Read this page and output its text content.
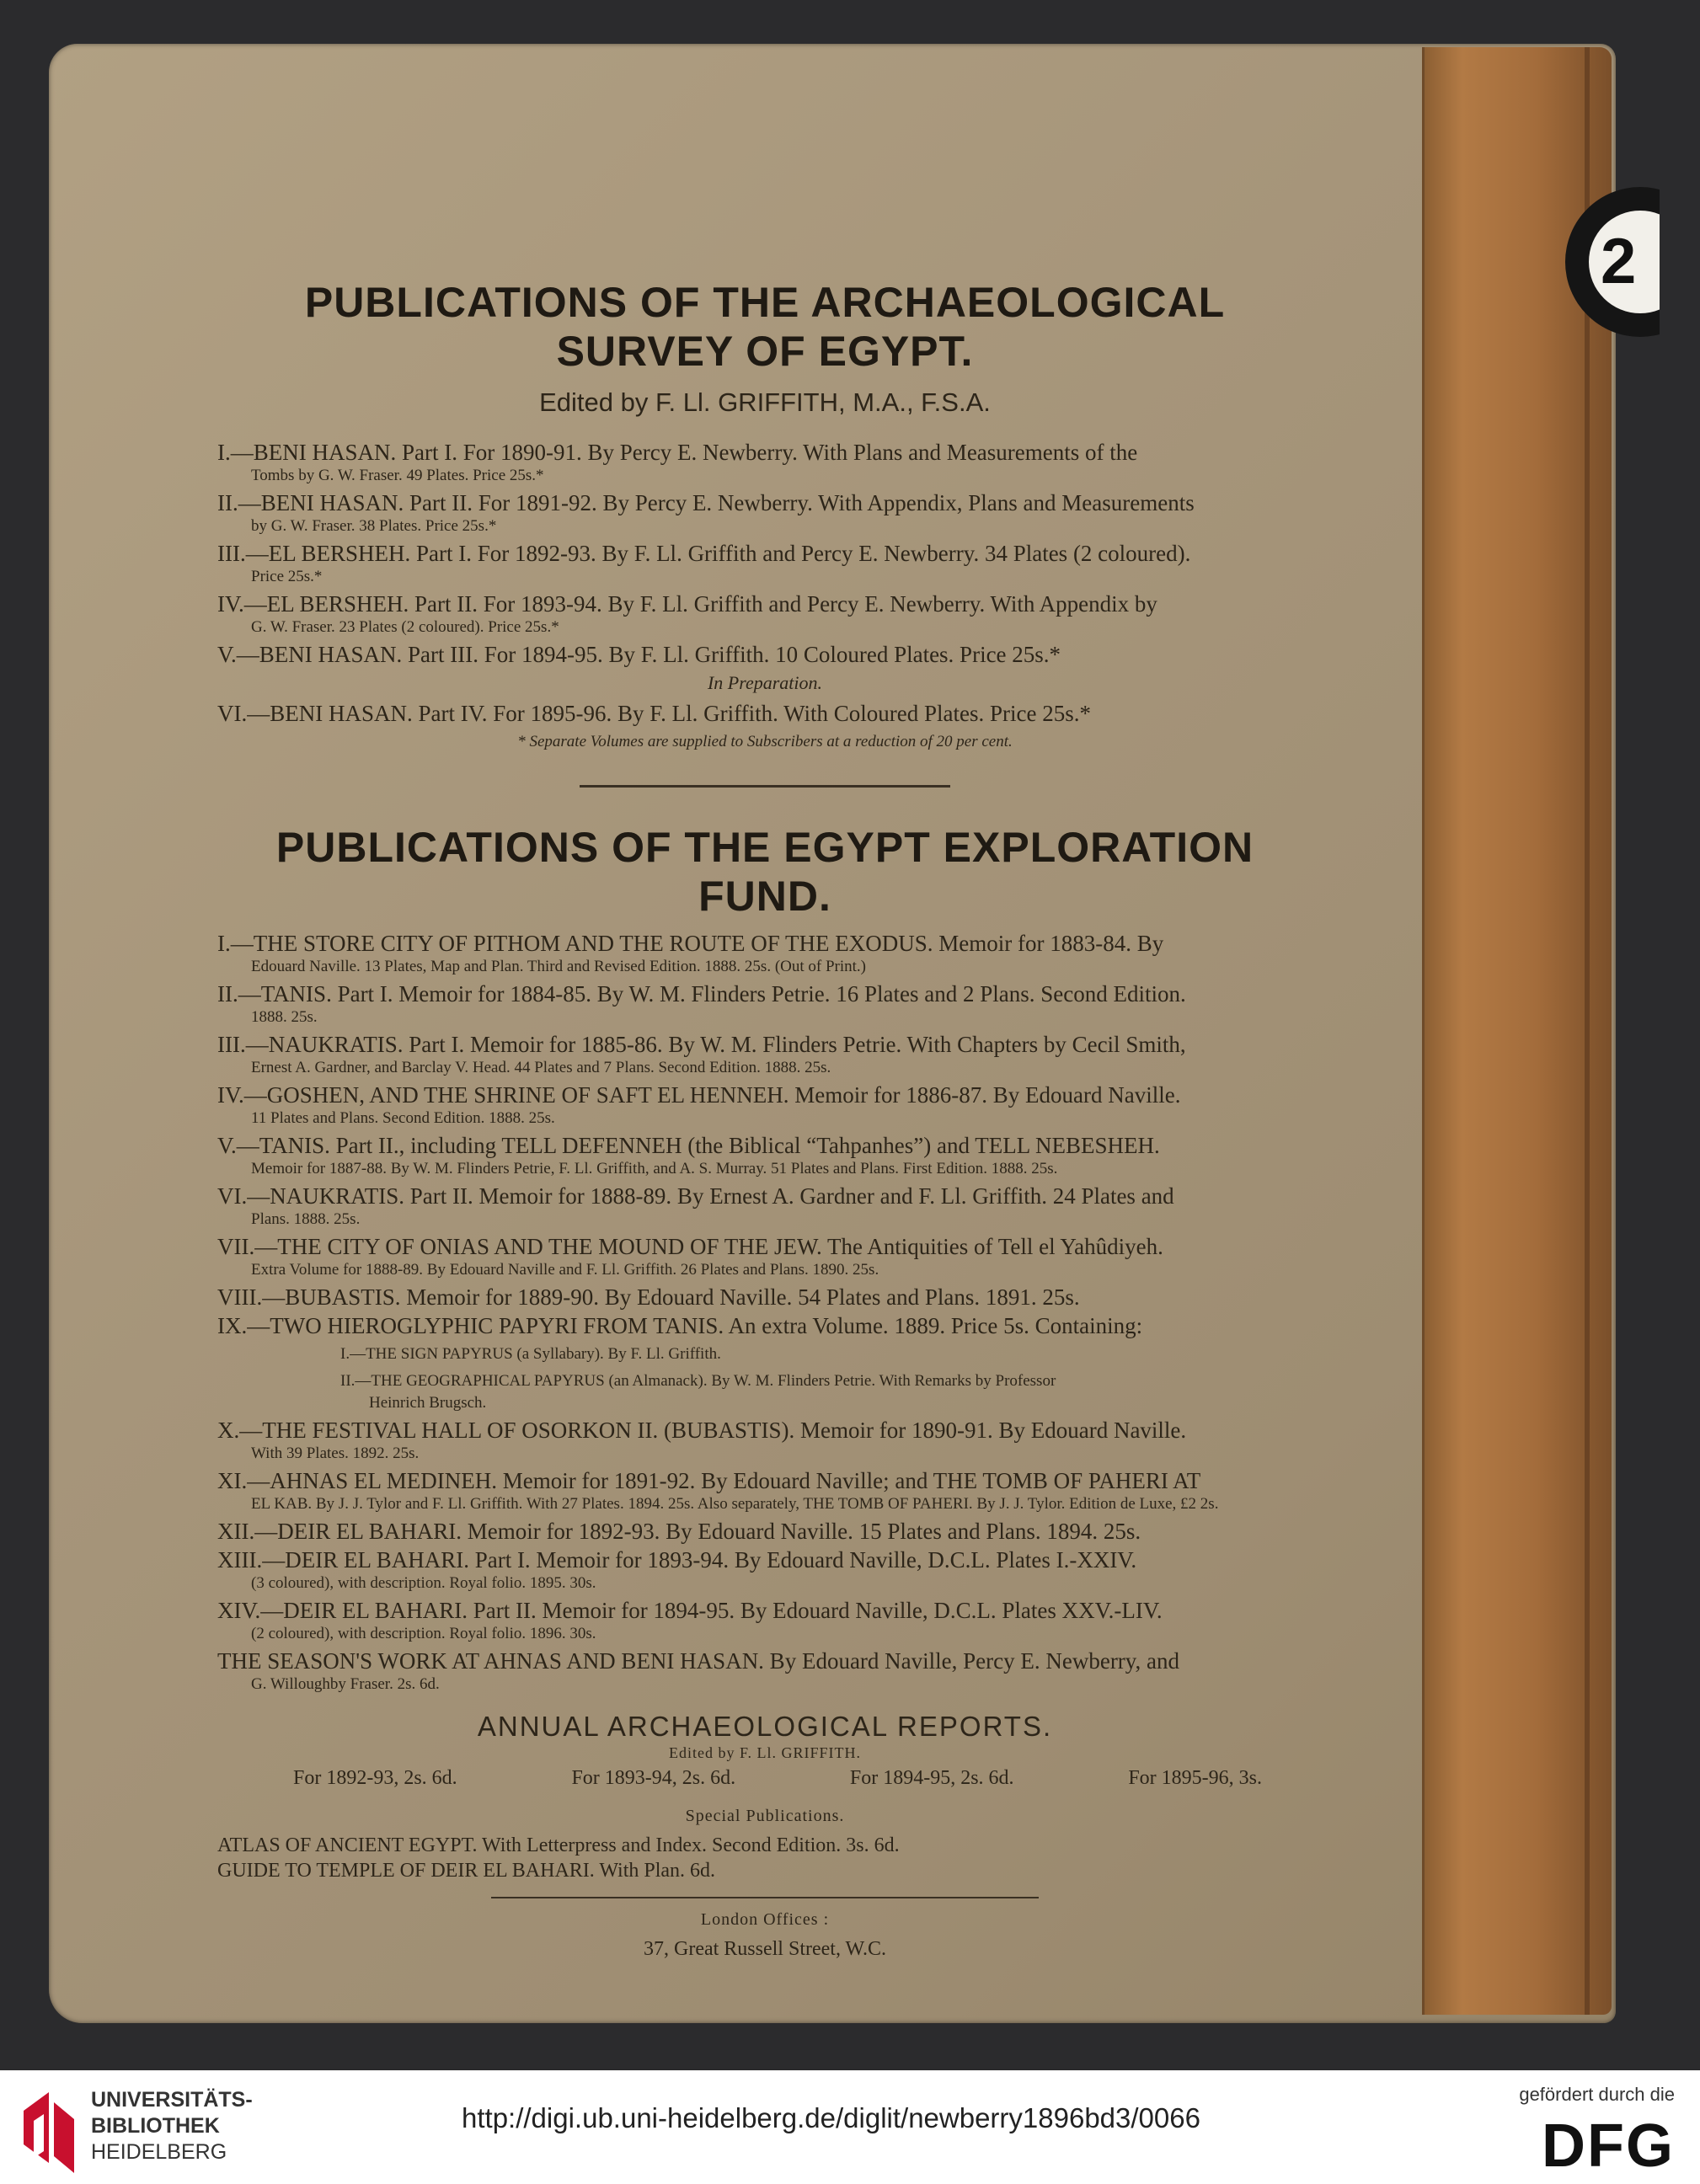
2
PUBLICATIONS OF THE ARCHAEOLOGICAL SURVEY OF EGYPT.
Edited by F. Ll. GRIFFITH, M.A., F.S.A.
I.—BENI HASAN. Part I. For 1890-91. By Percy E. Newberry. With Plans and Measurements of the
Tombs by G. W. Fraser. 49 Plates. Price 25s.*
II.—BENI HASAN. Part II. For 1891-92. By Percy E. Newberry. With Appendix, Plans and Measurements
by G. W. Fraser. 38 Plates. Price 25s.*
III.—EL BERSHEH. Part I. For 1892-93. By F. Ll. Griffith and Percy E. Newberry. 34 Plates (2 coloured).
Price 25s.*
IV.—EL BERSHEH. Part II. For 1893-94. By F. Ll. Griffith and Percy E. Newberry. With Appendix by
G. W. Fraser. 23 Plates (2 coloured). Price 25s.*
V.—BENI HASAN. Part III. For 1894-95. By F. Ll. Griffith. 10 Coloured Plates. Price 25s.*
In Preparation.
VI.—BENI HASAN. Part IV. For 1895-96. By F. Ll. Griffith. With Coloured Plates. Price 25s.*
* Separate Volumes are supplied to Subscribers at a reduction of 20 per cent.
PUBLICATIONS OF THE EGYPT EXPLORATION FUND.
I.—THE STORE CITY OF PITHOM AND THE ROUTE OF THE EXODUS. Memoir for 1883-84. By
Edouard Naville. 13 Plates, Map and Plan. Third and Revised Edition. 1888. 25s. (Out of Print.)
II.—TANIS. Part I. Memoir for 1884-85. By W. M. Flinders Petrie. 16 Plates and 2 Plans. Second Edition.
1888. 25s.
III.—NAUKRATIS. Part I. Memoir for 1885-86. By W. M. Flinders Petrie. With Chapters by Cecil Smith,
Ernest A. Gardner, and Barclay V. Head. 44 Plates and 7 Plans. Second Edition. 1888. 25s.
IV.—GOSHEN, AND THE SHRINE OF SAFT EL HENNEH. Memoir for 1886-87. By Edouard Naville.
11 Plates and Plans. Second Edition. 1888. 25s.
V.—TANIS. Part II., including TELL DEFENNEH (the Biblical “Tahpanhes”) and TELL NEBESHEH.
Memoir for 1887-88. By W. M. Flinders Petrie, F. Ll. Griffith, and A. S. Murray. 51 Plates and Plans. First Edition. 1888. 25s.
VI.—NAUKRATIS. Part II. Memoir for 1888-89. By Ernest A. Gardner and F. Ll. Griffith. 24 Plates and
Plans. 1888. 25s.
VII.—THE CITY OF ONIAS AND THE MOUND OF THE JEW. The Antiquities of Tell el Yahûdiyeh.
Extra Volume for 1888-89. By Edouard Naville and F. Ll. Griffith. 26 Plates and Plans. 1890. 25s.
VIII.—BUBASTIS. Memoir for 1889-90. By Edouard Naville. 54 Plates and Plans. 1891. 25s.
IX.—TWO HIEROGLYPHIC PAPYRI FROM TANIS. An extra Volume. 1889. Price 5s. Containing:
I.—THE SIGN PAPYRUS (a Syllabary). By F. Ll. Griffith.
II.—THE GEOGRAPHICAL PAPYRUS (an Almanack). By W. M. Flinders Petrie. With Remarks by Professor
Heinrich Brugsch.
X.—THE FESTIVAL HALL OF OSORKON II. (BUBASTIS). Memoir for 1890-91. By Edouard Naville.
With 39 Plates. 1892. 25s.
XI.—AHNAS EL MEDINEH. Memoir for 1891-92. By Edouard Naville; and THE TOMB OF PAHERI AT
EL KAB. By J. J. Tylor and F. Ll. Griffith. With 27 Plates. 1894. 25s. Also separately, THE TOMB OF PAHERI. By J. J. Tylor. Edition de Luxe, £2 2s.
XII.—DEIR EL BAHARI. Memoir for 1892-93. By Edouard Naville. 15 Plates and Plans. 1894. 25s.
XIII.—DEIR EL BAHARI. Part I. Memoir for 1893-94. By Edouard Naville, D.C.L. Plates I.-XXIV.
(3 coloured), with description. Royal folio. 1895. 30s.
XIV.—DEIR EL BAHARI. Part II. Memoir for 1894-95. By Edouard Naville, D.C.L. Plates XXV.-LIV.
(2 coloured), with description. Royal folio. 1896. 30s.
THE SEASON'S WORK AT AHNAS AND BENI HASAN. By Edouard Naville, Percy E. Newberry, and
G. Willoughby Fraser. 2s. 6d.
ANNUAL ARCHAEOLOGICAL REPORTS.
Edited by F. Ll. GRIFFITH.
For 1892-93, 2s. 6d.	For 1893-94, 2s. 6d.	For 1894-95, 2s. 6d.	For 1895-96, 3s.
Special Publications.
ATLAS OF ANCIENT EGYPT. With Letterpress and Index. Second Edition. 3s. 6d.
GUIDE TO TEMPLE OF DEIR EL BAHARI. With Plan. 6d.
London Offices :
37, Great Russell Street, W.C.
UNIVERSITÄTS-
BIBLIOTHEK
HEIDELBERG
http://digi.ub.uni-heidelberg.de/diglit/newberry1896bd3/0066
gefördert durch die
DFG
